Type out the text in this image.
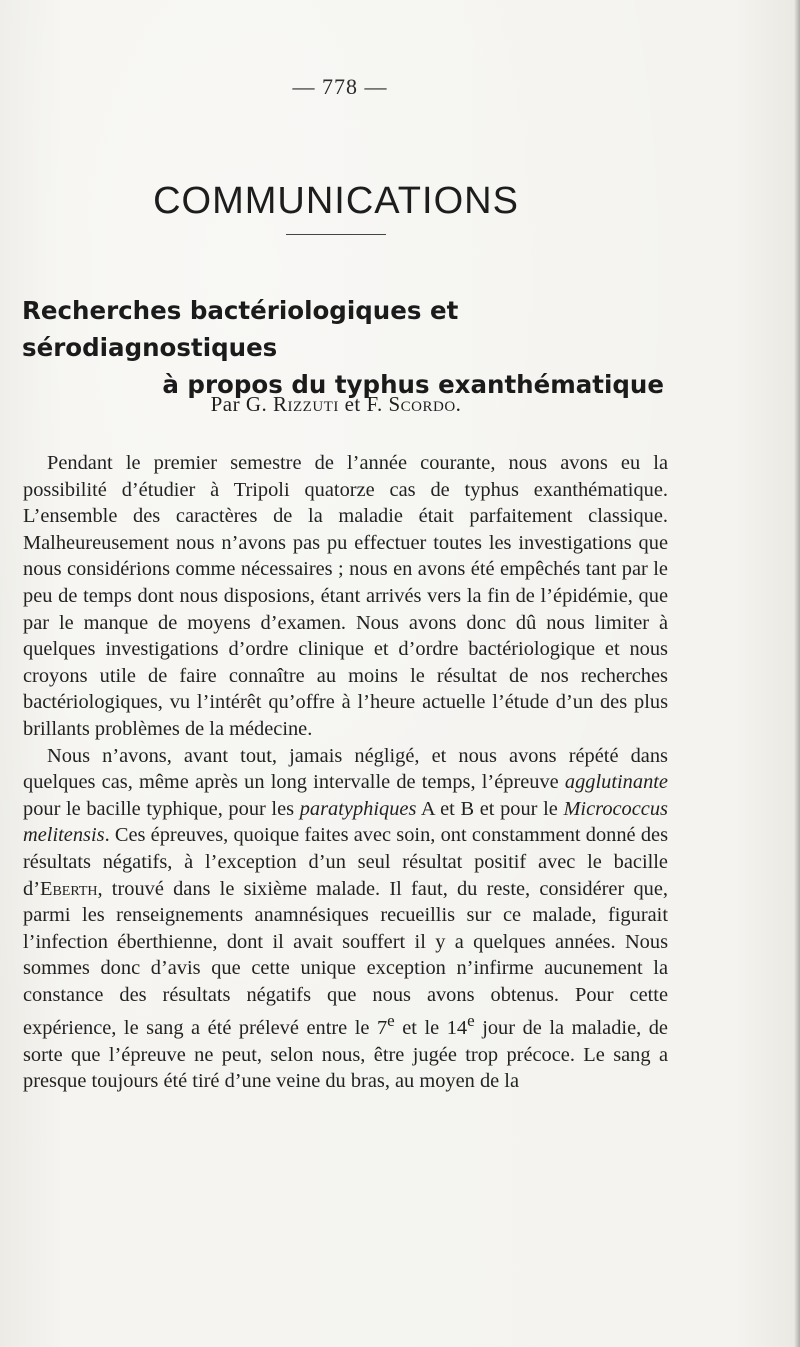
— 778 —
COMMUNICATIONS
Recherches bactériologiques et sérodiagnostiques
à propos du typhus exanthématique
Par G. Rizzuti et F. Scordo.

Pendant le premier semestre de l’année courante, nous avons eu la possibilité d’étudier à Tripoli quatorze cas de typhus exanthématique. L’ensemble des caractères de la maladie était parfaitement classique. Malheureusement nous n’avons pas pu effectuer toutes les investigations que nous considérions comme nécessaires ; nous en avons été empêchés tant par le peu de temps dont nous disposions, étant arrivés vers la fin de l’épidémie, que par le manque de moyens d’examen. Nous avons donc dû nous limiter à quelques investigations d’ordre clinique et d’ordre bactériologique et nous croyons utile de faire connaître au moins le résultat de nos recherches bactériologiques, vu l’intérêt qu’offre à l’heure actuelle l’étude d’un des plus brillants problèmes de la médecine.

Nous n’avons, avant tout, jamais négligé, et nous avons répété dans quelques cas, même après un long intervalle de temps, l’épreuve agglutinante pour le bacille typhique, pour les paratyphiques A et B et pour le Micrococcus melitensis. Ces épreuves, quoique faites avec soin, ont constamment donné des résultats négatifs, à l’exception d’un seul résultat positif avec le bacille d’Eberth, trouvé dans le sixième malade. Il faut, du reste, considérer que, parmi les renseignements anamnésiques recueillis sur ce malade, figurait l’infection éberthienne, dont il avait souffert il y a quelques années. Nous sommes donc d’avis que cette unique exception n’infirme aucunement la constance des résultats négatifs que nous avons obtenus. Pour cette expérience, le sang a été prélevé entre le 7e et le 14e jour de la maladie, de sorte que l’épreuve ne peut, selon nous, être jugée trop précoce. Le sang a presque toujours été tiré d’une veine du bras, au moyen de la
